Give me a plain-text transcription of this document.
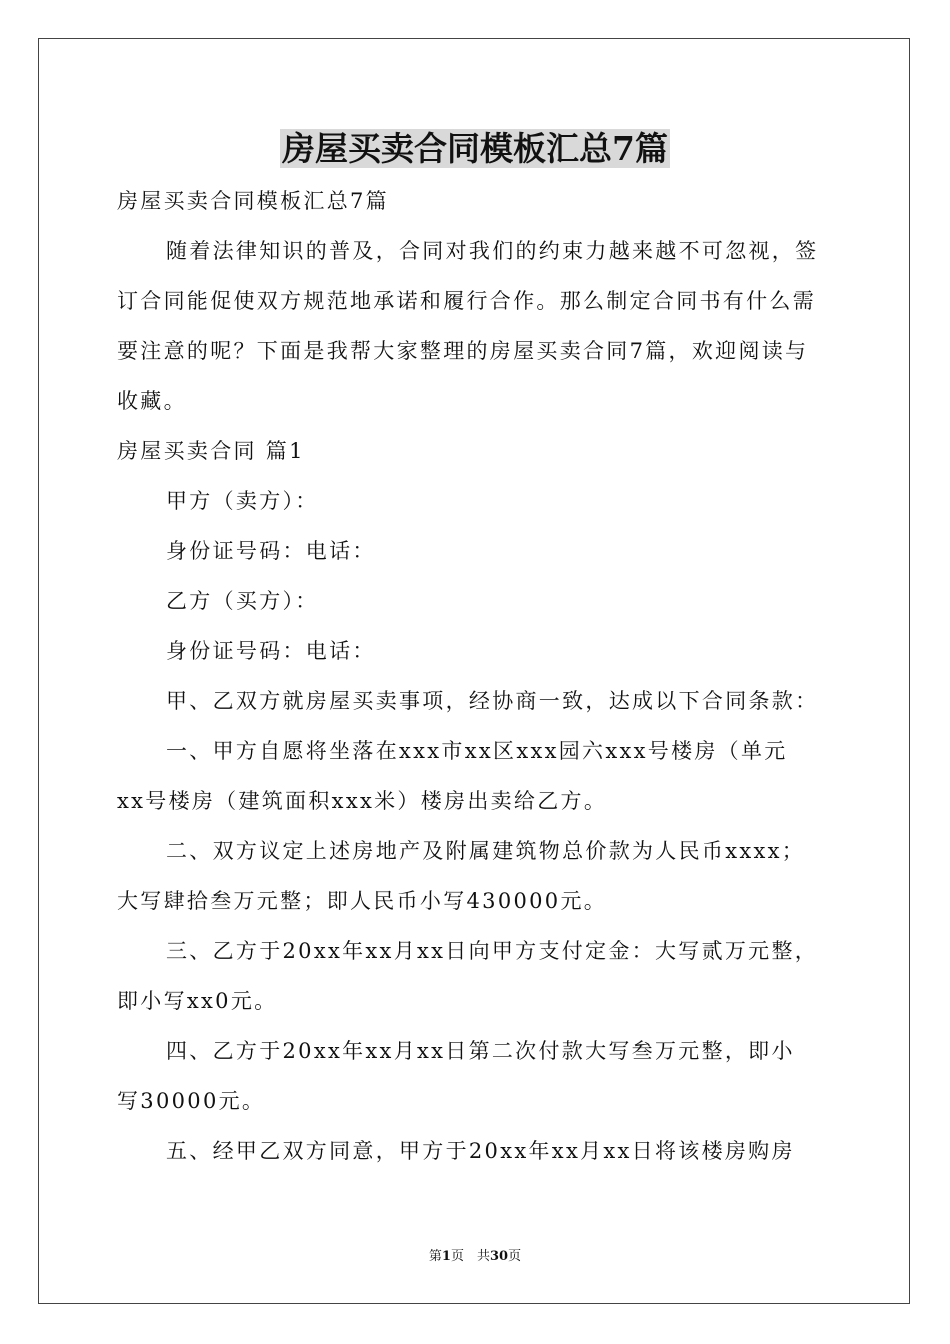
房屋买卖合同模板汇总7篇

房屋买卖合同模板汇总7篇

随着法律知识的普及，合同对我们的约束力越来越不可忽视，签

订合同能促使双方规范地承诺和履行合作。那么制定合同书有什么需

要注意的呢？下面是我帮大家整理的房屋买卖合同7篇，欢迎阅读与

收藏。

房屋买卖合同 篇1

甲方（卖方）：

身份证号码：电话：

乙方（买方）：

身份证号码：电话：

甲、乙双方就房屋买卖事项，经协商一致，达成以下合同条款：

一、甲方自愿将坐落在xxx市xx区xxx园六xxx号楼房（单元

xx号楼房（建筑面积xxx米）楼房出卖给乙方。

二、双方议定上述房地产及附属建筑物总价款为人民币xxxx；

大写肆拾叁万元整；即人民币小写430000元。

三、乙方于20xx年xx月xx日向甲方支付定金：大写贰万元整，

即小写xx0元。

四、乙方于20xx年xx月xx日第二次付款大写叁万元整，即小

写30000元。

五、经甲乙双方同意，甲方于20xx年xx月xx日将该楼房购房

第1页　共30页
